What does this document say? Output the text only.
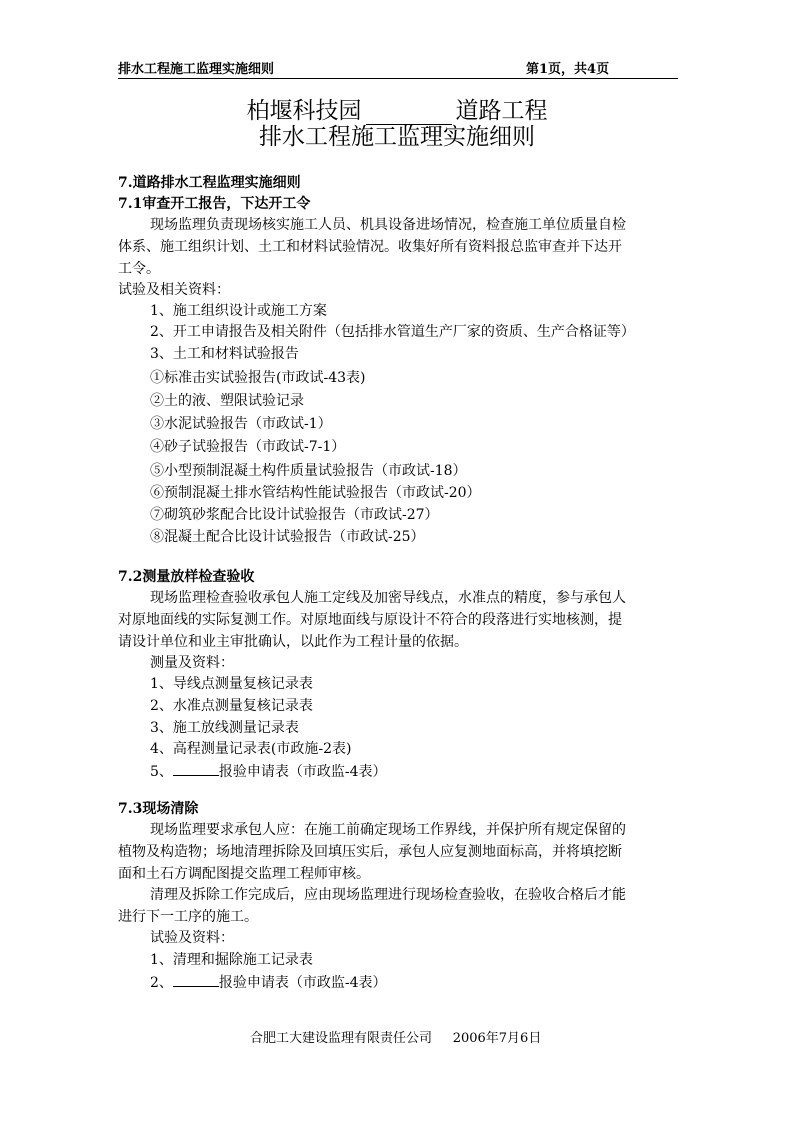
排水工程施工监理实施细则	第1页，共4页
柏堰科技园	道路工程
排水工程施工监理实施细则
7.道路排水工程监理实施细则
7.1审查开工报告，下达开工令
现场监理负责现场核实施工人员、机具设备进场情况，检查施工单位质量自检
体系、施工组织计划、土工和材料试验情况。收集好所有资料报总监审查并下达开
工令。
试验及相关资料：
1、施工组织设计或施工方案
2、开工申请报告及相关附件（包括排水管道生产厂家的资质、生产合格证等）
3、土工和材料试验报告
①标准击实试验报告(市政试-43表)
②土的液、塑限试验记录
③水泥试验报告（市政试-1）
④砂子试验报告（市政试-7-1）
⑤小型预制混凝土构件质量试验报告（市政试-18）
⑥预制混凝土排水管结构性能试验报告（市政试-20）
⑦砌筑砂浆配合比设计试验报告（市政试-27）
⑧混凝土配合比设计试验报告（市政试-25）
7.2测量放样检查验收
现场监理检查验收承包人施工定线及加密导线点，水准点的精度，参与承包人
对原地面线的实际复测工作。对原地面线与原设计不符合的段落进行实地核测，提
请设计单位和业主审批确认，以此作为工程计量的依据。
测量及资料：
1、导线点测量复核记录表
2、水准点测量复核记录表
3、施工放线测量记录表
4、高程测量记录表(市政施-2表)
5、	报验申请表（市政监-4表）
7.3现场清除
现场监理要求承包人应：在施工前确定现场工作界线，并保护所有规定保留的
植物及构造物；场地清理拆除及回填压实后，承包人应复测地面标高，并将填挖断
面和土石方调配图提交监理工程师审核。
清理及拆除工作完成后，应由现场监理进行现场检查验收，在验收合格后才能
进行下一工序的施工。
试验及资料：
1、清理和掘除施工记录表
2、	报验申请表（市政监-4表）
合肥工大建设监理有限责任公司 2006年7月6日
